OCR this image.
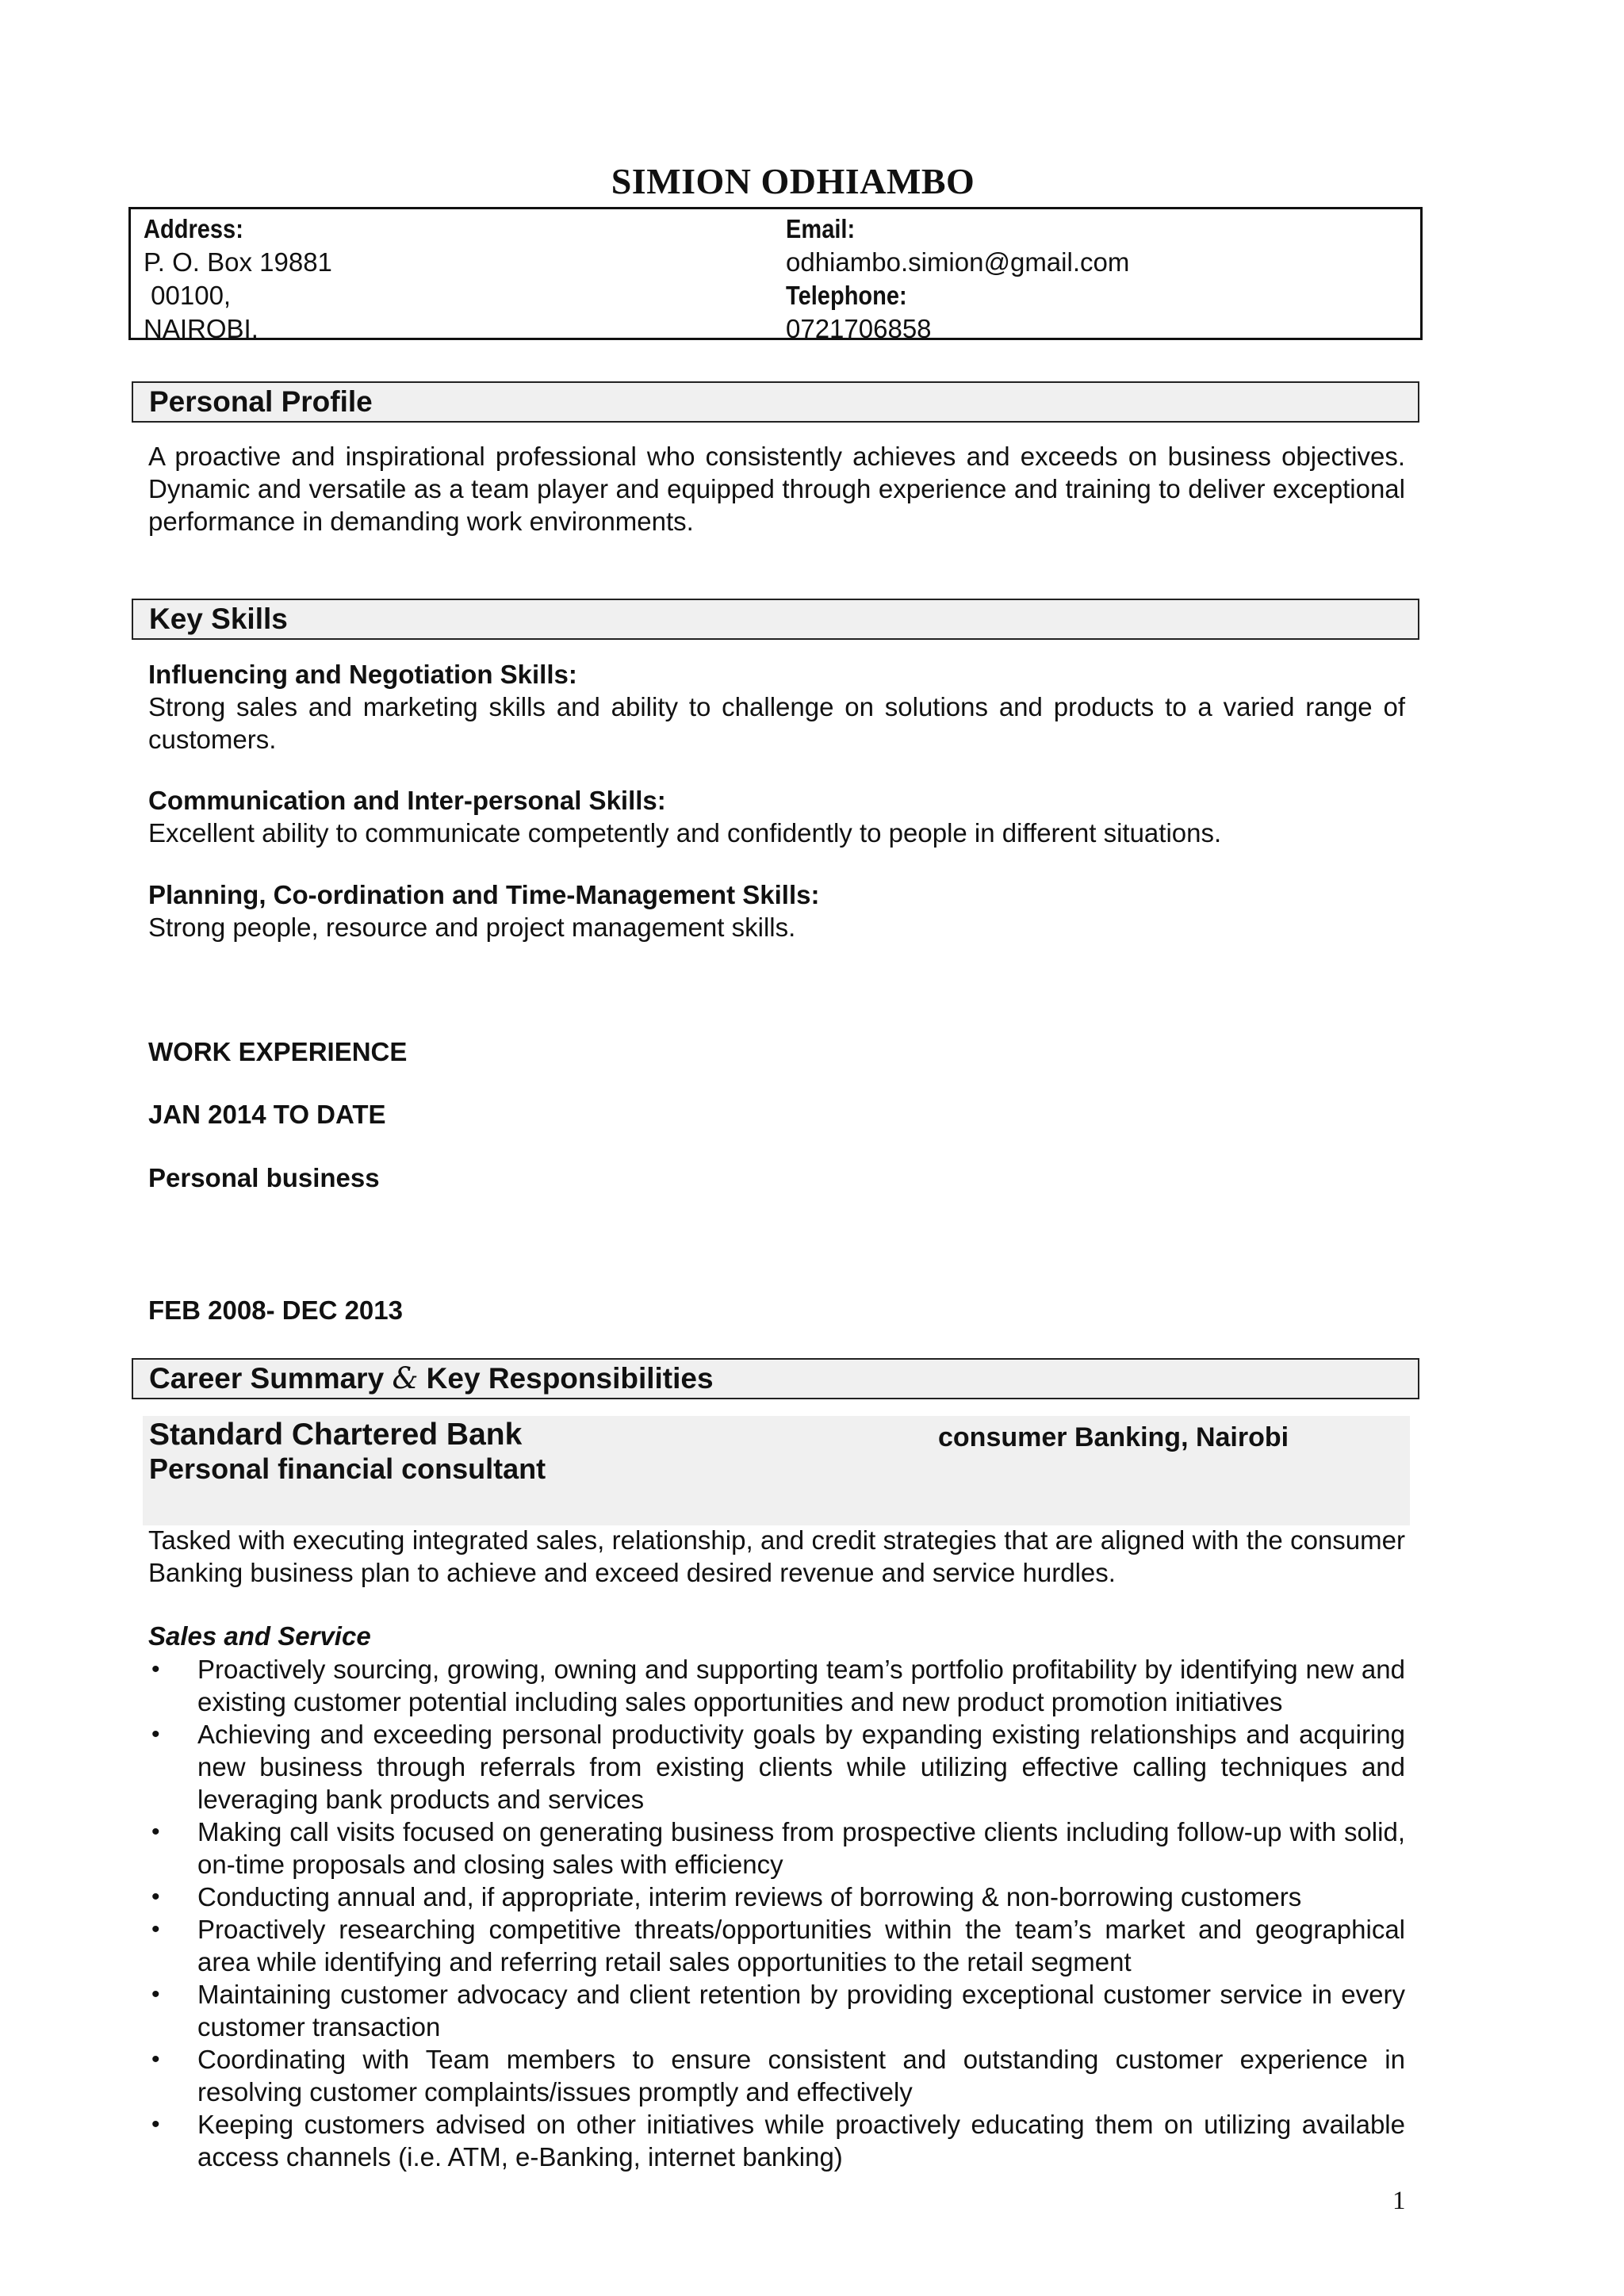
SIMION ODHIAMBO
Address:
P. O. Box 19881
00100,
NAIROBI.
Email:
odhiambo.simion@gmail.com
Telephone:
0721706858
Personal Profile
A proactive and inspirational professional who consistently achieves and exceeds on business objectives. Dynamic and versatile as a team player and equipped through experience and training to deliver exceptional performance in demanding work environments.
Key Skills
Influencing and Negotiation Skills:
Strong sales and marketing skills and ability to challenge on solutions and products to a varied range of customers.
Communication and Inter-personal Skills:
Excellent ability to communicate competently and confidently to people in different situations.
Planning, Co-ordination and Time-Management Skills:
Strong people, resource and project management skills.
WORK EXPERIENCE
JAN 2014 TO DATE
Personal business
FEB 2008- DEC 2013
Career Summary & Key Responsibilities
Standard Chartered Bank	consumer Banking, Nairobi
Personal financial consultant
Tasked with executing integrated sales, relationship, and credit strategies that are aligned with the consumer Banking business plan to achieve and exceed desired revenue and service hurdles.
Sales and Service
• Proactively sourcing, growing, owning and supporting team’s portfolio profitability by identifying new and existing customer potential including sales opportunities and new product promotion initiatives
• Achieving and exceeding personal productivity goals by expanding existing relationships and acquiring new business through referrals from existing clients while utilizing effective calling techniques and leveraging bank products and services
• Making call visits focused on generating business from prospective clients including follow-up with solid, on-time proposals and closing sales with efficiency
• Conducting annual and, if appropriate, interim reviews of borrowing & non-borrowing customers
• Proactively researching competitive threats/opportunities within the team’s market and geographical area while identifying and referring retail sales opportunities to the retail segment
• Maintaining customer advocacy and client retention by providing exceptional customer service in every customer transaction
• Coordinating with Team members to ensure consistent and outstanding customer experience in resolving customer complaints/issues promptly and effectively
• Keeping customers advised on other initiatives while proactively educating them on utilizing available access channels (i.e. ATM, e-Banking, internet banking)
1
